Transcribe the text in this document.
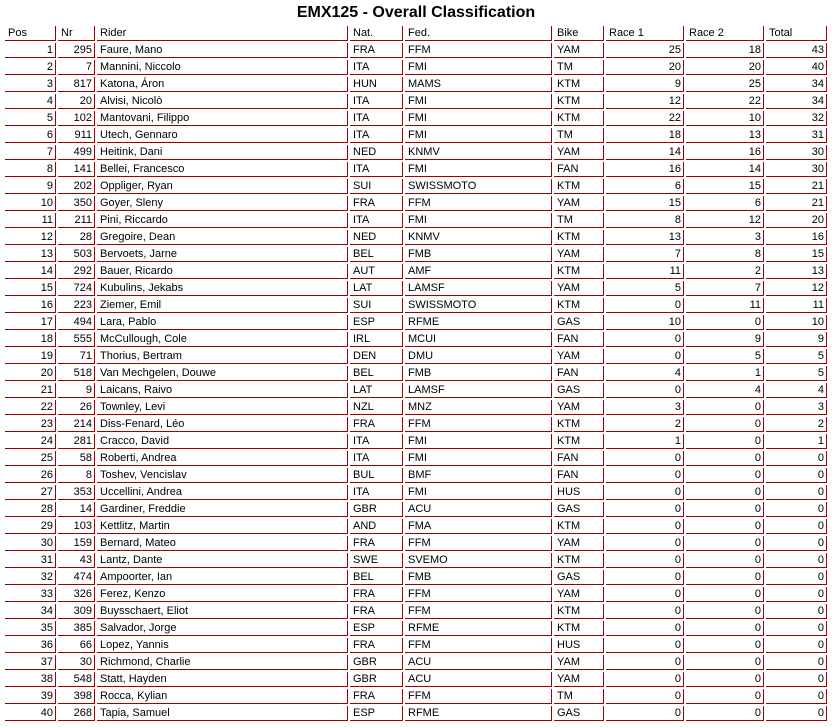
EMX125 - Overall Classification
Pos	Nr	Rider	Nat.	Fed.	Bike	Race 1	Race 2	Total
1	295	Faure, Mano	FRA	FFM	YAM	25	18	43
2	7	Mannini, Niccolo	ITA	FMI	TM	20	20	40
3	817	Katona, Áron	HUN	MAMS	KTM	9	25	34
4	20	Alvisi, Nicolò	ITA	FMI	KTM	12	22	34
5	102	Mantovani, Filippo	ITA	FMI	KTM	22	10	32
6	911	Utech, Gennaro	ITA	FMI	TM	18	13	31
7	499	Heitink, Dani	NED	KNMV	YAM	14	16	30
8	141	Bellei, Francesco	ITA	FMI	FAN	16	14	30
9	202	Oppliger, Ryan	SUI	SWISSMOTO	KTM	6	15	21
10	350	Goyer, Sleny	FRA	FFM	YAM	15	6	21
11	211	Pini, Riccardo	ITA	FMI	TM	8	12	20
12	28	Gregoire, Dean	NED	KNMV	KTM	13	3	16
13	503	Bervoets, Jarne	BEL	FMB	YAM	7	8	15
14	292	Bauer, Ricardo	AUT	AMF	KTM	11	2	13
15	724	Kubulins, Jekabs	LAT	LAMSF	YAM	5	7	12
16	223	Ziemer, Emil	SUI	SWISSMOTO	KTM	0	11	11
17	494	Lara, Pablo	ESP	RFME	GAS	10	0	10
18	555	McCullough, Cole	IRL	MCUI	FAN	0	9	9
19	71	Thorius, Bertram	DEN	DMU	YAM	0	5	5
20	518	Van Mechgelen, Douwe	BEL	FMB	FAN	4	1	5
21	9	Laicans, Raivo	LAT	LAMSF	GAS	0	4	4
22	26	Townley, Levi	NZL	MNZ	YAM	3	0	3
23	214	Diss-Fenard, Léo	FRA	FFM	KTM	2	0	2
24	281	Cracco, David	ITA	FMI	KTM	1	0	1
25	58	Roberti, Andrea	ITA	FMI	FAN	0	0	0
26	8	Toshev, Vencislav	BUL	BMF	FAN	0	0	0
27	353	Uccellini, Andrea	ITA	FMI	HUS	0	0	0
28	14	Gardiner, Freddie	GBR	ACU	GAS	0	0	0
29	103	Kettlitz, Martin	AND	FMA	KTM	0	0	0
30	159	Bernard, Mateo	FRA	FFM	YAM	0	0	0
31	43	Lantz, Dante	SWE	SVEMO	KTM	0	0	0
32	474	Ampoorter, Ian	BEL	FMB	GAS	0	0	0
33	326	Ferez, Kenzo	FRA	FFM	YAM	0	0	0
34	309	Buysschaert, Eliot	FRA	FFM	KTM	0	0	0
35	385	Salvador, Jorge	ESP	RFME	KTM	0	0	0
36	66	Lopez, Yannis	FRA	FFM	HUS	0	0	0
37	30	Richmond, Charlie	GBR	ACU	YAM	0	0	0
38	548	Statt, Hayden	GBR	ACU	YAM	0	0	0
39	398	Rocca, Kylian	FRA	FFM	TM	0	0	0
40	268	Tapia, Samuel	ESP	RFME	GAS	0	0	0
